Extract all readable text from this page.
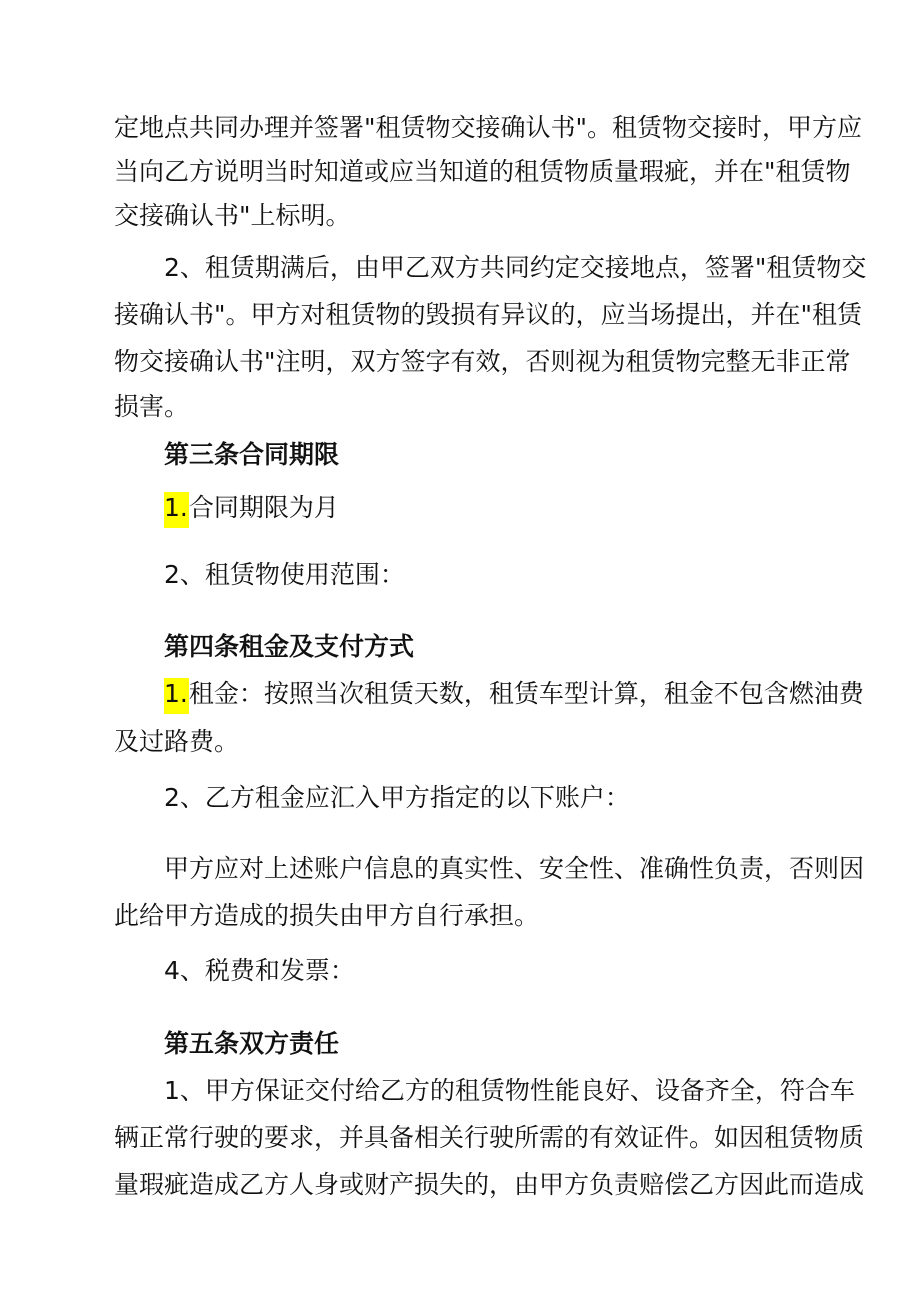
定地点共同办理并签署"租赁物交接确认书"。租赁物交接时，甲方应
当向乙方说明当时知道或应当知道的租赁物质量瑕疵，并在"租赁物
交接确认书"上标明。
2、租赁期满后，由甲乙双方共同约定交接地点，签署"租赁物交
接确认书"。甲方对租赁物的毁损有异议的，应当场提出，并在"租赁
物交接确认书"注明，双方签字有效，否则视为租赁物完整无非正常
损害。
第三条合同期限
1.合同期限为月
2、租赁物使用范围：
第四条租金及支付方式
1.租金：按照当次租赁天数，租赁车型计算，租金不包含燃油费
及过路费。
2、乙方租金应汇入甲方指定的以下账户：
甲方应对上述账户信息的真实性、安全性、准确性负责，否则因
此给甲方造成的损失由甲方自行承担。
4、税费和发票：
第五条双方责任
1、甲方保证交付给乙方的租赁物性能良好、设备齐全，符合车
辆正常行驶的要求，并具备相关行驶所需的有效证件。如因租赁物质
量瑕疵造成乙方人身或财产损失的，由甲方负责赔偿乙方因此而造成
